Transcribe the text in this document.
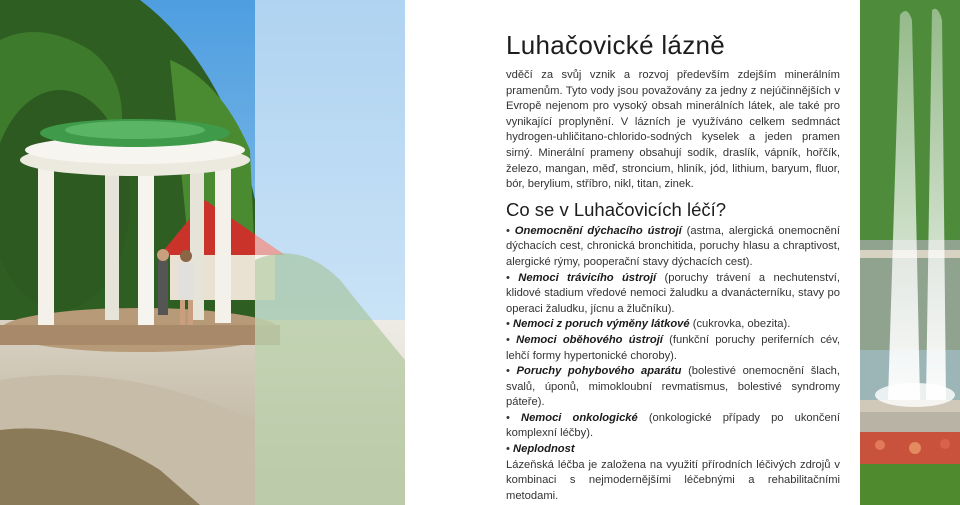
Luhačovické lázně

vděčí za svůj vznik a rozvoj především zdejším minerálním pramenům. Tyto vody jsou považovány za jedny z nejúčinnějších v Evropě nejenom pro vysoký obsah minerálních látek, ale také pro vynikající proplynění. V lázních je využíváno celkem sedmnáct hydrogen-uhličitano-chlorido-sodných kyselek a jeden pramen sirný. Minerální prameny obsahují sodík, draslík, vápník, hořčík, železo, mangan, měď, stroncium, hliník, jód, lithium, baryum, fluor, bór, berylium, stříbro, nikl, titan, zinek.

Co se v Luhačovicích léčí?

• Onemocnění dýchacího ústrojí (astma, alergická onemocnění dýchacích cest, chronická bronchitida, poruchy hlasu a chraptivost, alergické rýmy, pooperační stavy dýchacích cest).

• Nemoci trávicího ústrojí (poruchy trávení a nechutenství, klidové stadium vředové nemoci žaludku a dvanácterníku, stavy po operaci žaludku, jícnu a žlučníku).

• Nemoci z poruch výměny látkové (cukrovka, obezita).

• Nemoci oběhového ústrojí (funkční poruchy periferních cév, lehčí formy hypertonické choroby).

• Poruchy pohybového aparátu (bolestivé onemocnění šlach, svalů, úponů, mimokloubní revmatismus, bolestivé syndromy páteře).

• Nemoci onkologické (onkologické případy po ukončení komplexní léčby).

• Neplodnost

Lázeňská léčba je založena na využití přírodních léčivých zdrojů v kombinaci s nejmodernějšími léčebnými a rehabilitačními metodami.
